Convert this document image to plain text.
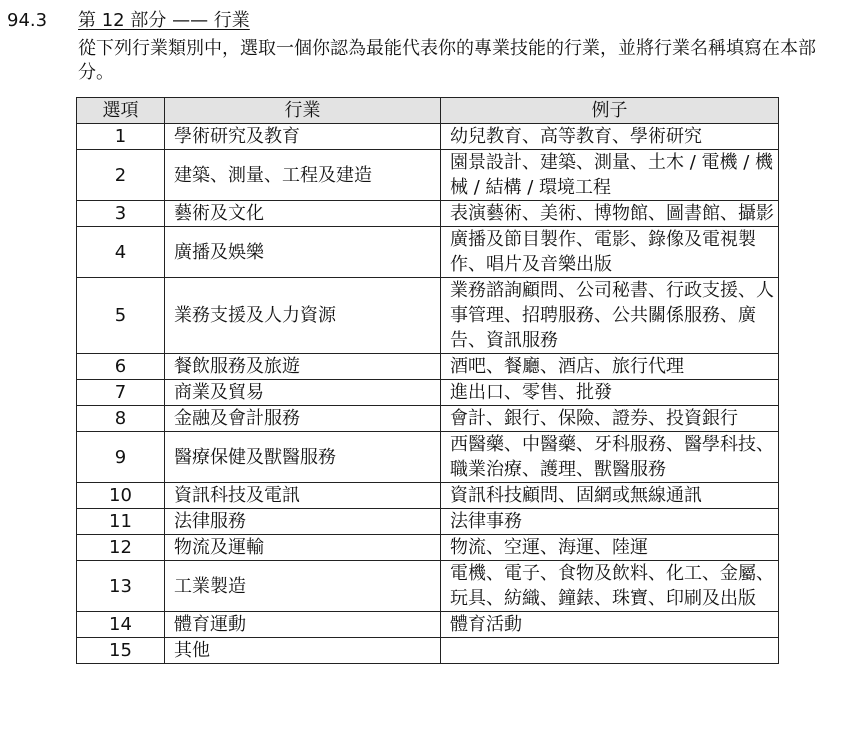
94.3 第 12 部分 —— 行業
從下列行業類別中，選取一個你認為最能代表你的專業技能的行業，並將行業名稱填寫在本部分。
選項	行業	例子
1	學術研究及教育	幼兒教育、高等教育、學術研究
2	建築、測量、工程及建造	園景設計、建築、測量、土木 / 電機 / 機械 / 結構 / 環境工程
3	藝術及文化	表演藝術、美術、博物館、圖書館、攝影
4	廣播及娛樂	廣播及節目製作、電影、錄像及電視製作、唱片及音樂出版
5	業務支援及人力資源	業務諮詢顧問、公司秘書、行政支援、人事管理、招聘服務、公共關係服務、廣告、資訊服務
6	餐飲服務及旅遊	酒吧、餐廳、酒店、旅行代理
7	商業及貿易	進出口、零售、批發
8	金融及會計服務	會計、銀行、保險、證券、投資銀行
9	醫療保健及獸醫服務	西醫藥、中醫藥、牙科服務、醫學科技、職業治療、護理、獸醫服務
10	資訊科技及電訊	資訊科技顧問、固網或無線通訊
11	法律服務	法律事務
12	物流及運輸	物流、空運、海運、陸運
13	工業製造	電機、電子、食物及飲料、化工、金屬、玩具、紡織、鐘錶、珠寶、印刷及出版
14	體育運動	體育活動
15	其他	
